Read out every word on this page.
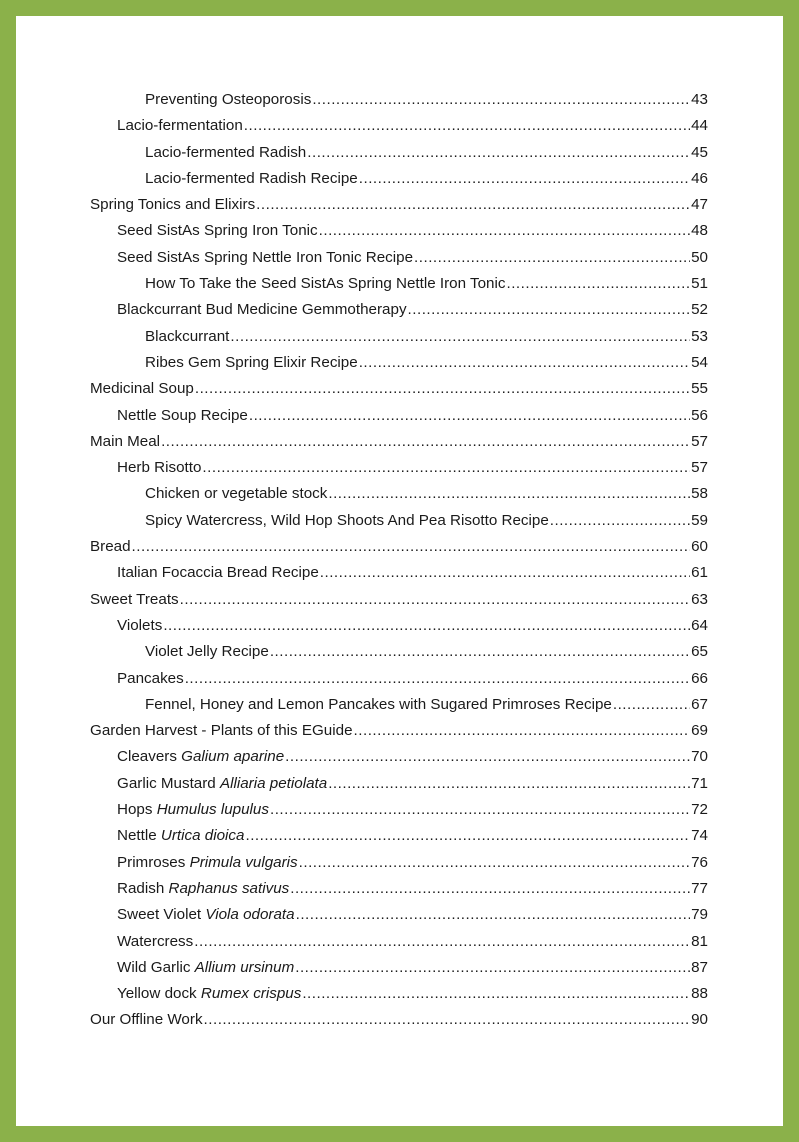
Preventing Osteoporosis .....	43
Lacio-fermentation .....	44
Lacio-fermented Radish .....	45
Lacio-fermented Radish Recipe .....	46
Spring Tonics and Elixirs .....	47
Seed SistAs Spring Iron Tonic .....	48
Seed SistAs Spring Nettle Iron Tonic Recipe .....	50
How To Take the Seed SistAs Spring Nettle Iron Tonic .....	51
Blackcurrant Bud Medicine Gemmotherapy .....	52
Blackcurrant .....	53
Ribes Gem Spring Elixir Recipe .....	54
Medicinal Soup .....	55
Nettle Soup Recipe .....	56
Main Meal .....	57
Herb Risotto .....	57
Chicken or vegetable stock .....	58
Spicy Watercress, Wild Hop Shoots And Pea Risotto Recipe .....	59
Bread .....	60
Italian Focaccia Bread Recipe .....	61
Sweet Treats .....	63
Violets .....	64
Violet Jelly Recipe .....	65
Pancakes .....	66
Fennel, Honey and Lemon Pancakes with Sugared Primroses Recipe .....	67
Garden Harvest - Plants of this EGuide .....	69
Cleavers Galium aparine .....	70
Garlic Mustard Alliaria petiolata .....	71
Hops Humulus lupulus .....	72
Nettle Urtica dioica .....	74
Primroses Primula vulgaris .....	76
Radish Raphanus sativus .....	77
Sweet Violet Viola odorata .....	79
Watercress .....	81
Wild Garlic Allium ursinum .....	87
Yellow dock Rumex crispus .....	88
Our Offline Work .....	90
